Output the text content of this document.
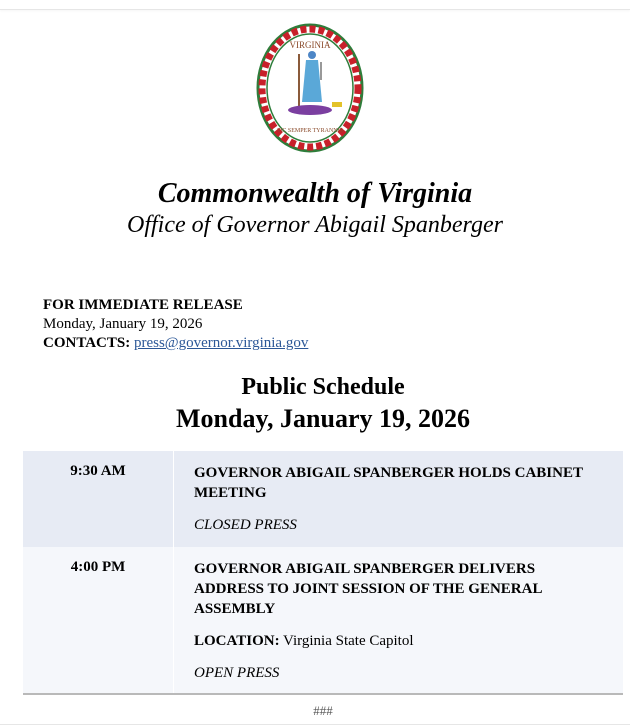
VIRGINIA
SIC SEMPER TYRANNIS
Commonwealth of Virginia
Office of Governor Abigail Spanberger
FOR IMMEDIATE RELEASE
Monday, January 19, 2026
CONTACTS: press@governor.virginia.gov
Public Schedule
Monday, January 19, 2026
9:30 AM	GOVERNOR ABIGAIL SPANBERGER HOLDS CABINET MEETING

CLOSED PRESS

4:00 PM	GOVERNOR ABIGAIL SPANBERGER DELIVERS ADDRESS TO JOINT SESSION OF THE GENERAL ASSEMBLY

LOCATION: Virginia State Capitol

OPEN PRESS

###
